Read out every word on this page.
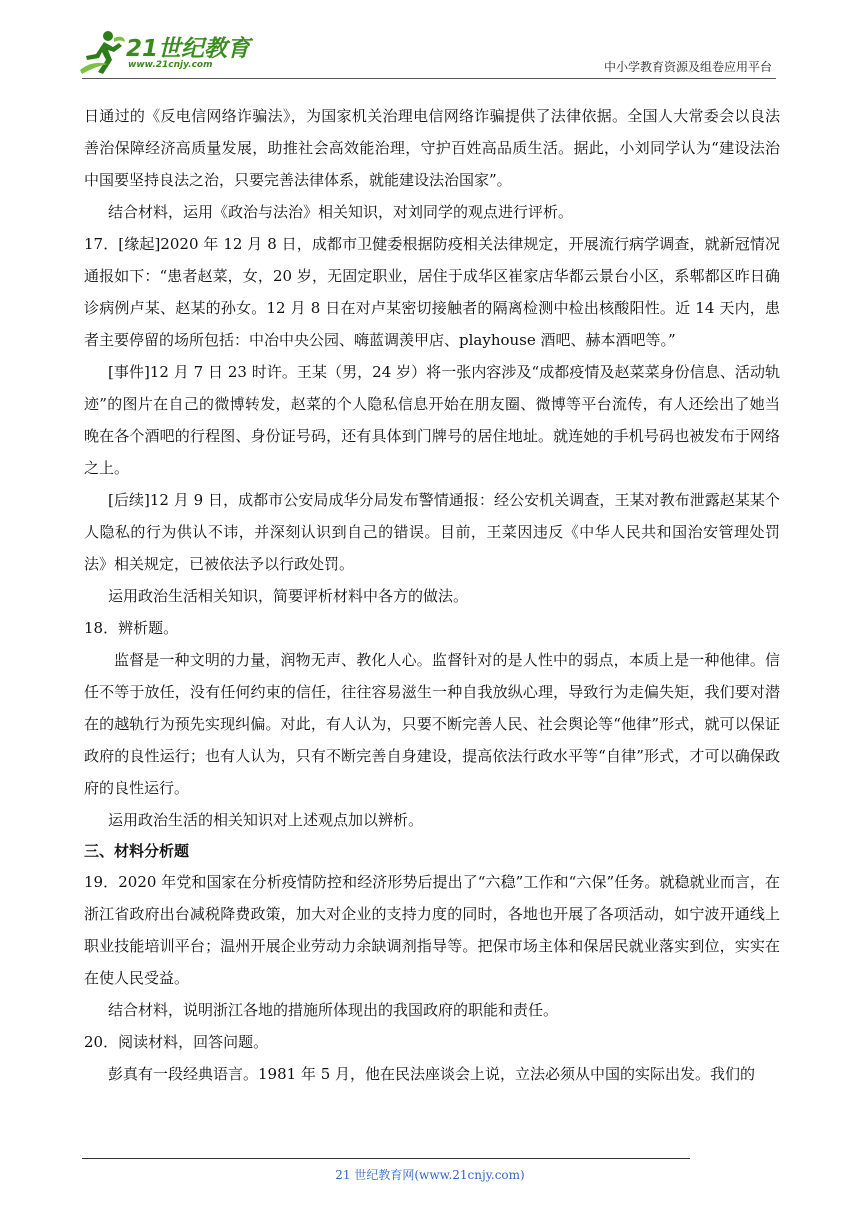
21世纪教育
www.21cnjy.com	中小学教育资源及组卷应用平台

日通过的《反电信网络诈骗法》，为国家机关治理电信网络诈骗提供了法律依据。全国人大常委会以良法善治保障经济高质量发展，助推社会高效能治理，守护百姓高品质生活。据此，小刘同学认为“建设法治中国要坚持良法之治，只要完善法律体系，就能建设法治国家”。

结合材料，运用《政治与法治》相关知识，对刘同学的观点进行评析。

17．[缘起]2020 年 12 月 8 日，成都市卫健委根据防疫相关法律规定，开展流行病学调查，就新冠情况通报如下：“患者赵菜，女，20 岁，无固定职业，居住于成华区崔家店华都云景台小区，系郫都区昨日确诊病例卢某、赵某的孙女。12 月 8 日在对卢某密切接触者的隔离检测中检出核酸阳性。近 14 天内，患者主要停留的场所包括：中冶中央公园、嗨蓝调羡甲店、playhouse 酒吧、赫本酒吧等。”

[事件]12 月 7 日 23 时许。王某（男，24 岁）将一张内容涉及“成都疫情及赵菜菜身份信息、活动轨迹”的图片在自己的微博转发，赵菜的个人隐私信息开始在朋友圈、微博等平台流传，有人还绘出了她当晚在各个酒吧的行程图、身份证号码，还有具体到门牌号的居住地址。就连她的手机号码也被发布于网络之上。

[后续]12 月 9 日，成都市公安局成华分局发布警情通报：经公安机关调查，王某对教布泄露赵某某个人隐私的行为供认不讳，并深刻认识到自己的错误。目前，王菜因违反《中华人民共和国治安管理处罚法》相关规定，已被依法予以行政处罚。

运用政治生活相关知识，简要评析材料中各方的做法。

18．辨析题。

监督是一种文明的力量，润物无声、教化人心。监督针对的是人性中的弱点，本质上是一种他律。信任不等于放任，没有任何约束的信任，往往容易滋生一种自我放纵心理，导致行为走偏失矩，我们要对潜在的越轨行为预先实现纠偏。对此，有人认为，只要不断完善人民、社会舆论等“他律”形式，就可以保证政府的良性运行；也有人认为，只有不断完善自身建设，提高依法行政水平等“自律”形式，才可以确保政府的良性运行。

运用政治生活的相关知识对上述观点加以辨析。

三、材料分析题

19．2020 年党和国家在分析疫情防控和经济形势后提出了“六稳”工作和“六保”任务。就稳就业而言，在浙江省政府出台减税降费政策，加大对企业的支持力度的同时，各地也开展了各项活动，如宁波开通线上职业技能培训平台；温州开展企业劳动力余缺调剂指导等。把保市场主体和保居民就业落实到位，实实在在使人民受益。

结合材料，说明浙江各地的措施所体现出的我国政府的职能和责任。

20．阅读材料，回答问题。

彭真有一段经典语言。1981 年 5 月，他在民法座谈会上说，立法必须从中国的实际出发。我们的

21 世纪教育网(www.21cnjy.com)
